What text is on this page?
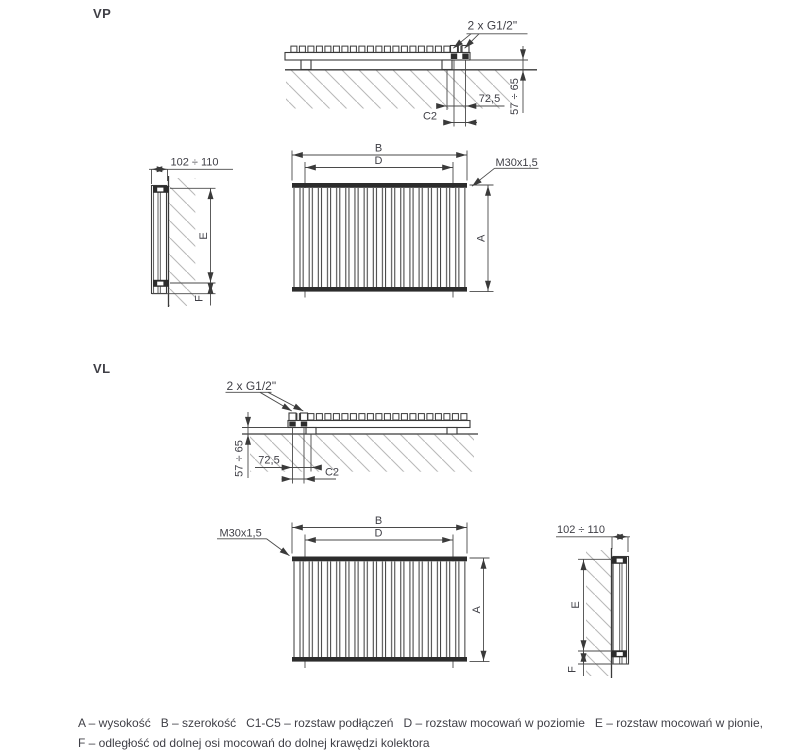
VP
VL
57 ÷ 65
72,5
C2
2 x G1/2"
B
D
A
M30x1,5
102 ÷ 110
E
F
57 ÷ 65 72,5
C2
2 x G1/2"
B
D
A
M30x1,5	102 ÷ 110
E
F
A – wysokość   B – szerokość   C1-C5 – rozstaw podłączeń   D – rozstaw mocowań w poziomie   E – rozstaw mocowań w pionie,
F – odległość od dolnej osi mocowań do dolnej krawędzi kolektora
